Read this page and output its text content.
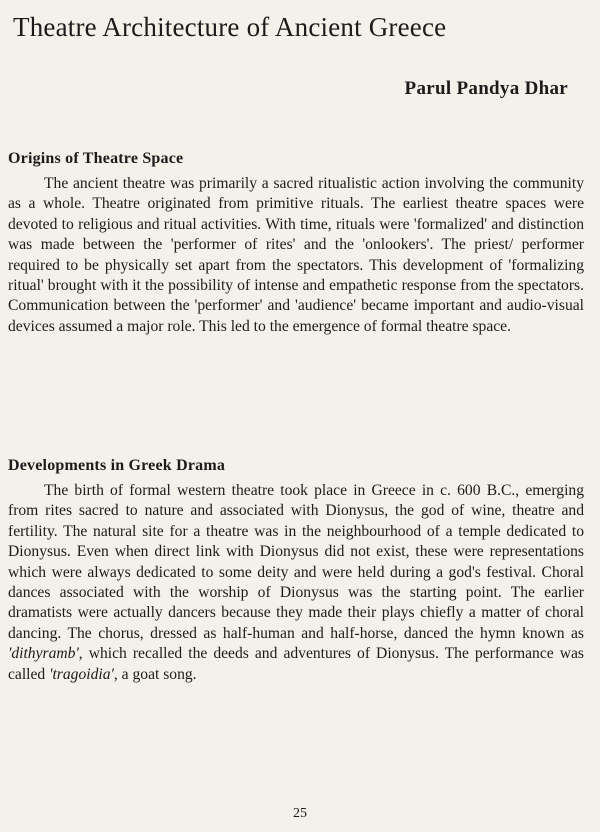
Theatre Architecture of Ancient Greece
Parul Pandya Dhar
Origins of Theatre Space

The ancient theatre was primarily a sacred ritualistic action involving the community as a whole. Theatre originated from primitive rituals. The earliest theatre spaces were devoted to religious and ritual activities. With time, rituals were 'formalized' and distinction was made between the 'performer of rites' and the 'onlookers'. The priest/ performer required to be physically set apart from the spectators. This development of 'formalizing ritual' brought with it the possibility of intense and empathetic response from the spectators. Communication between the 'performer' and 'audience' became important and audio-visual devices assumed a major role. This led to the emergence of formal theatre space.

Developments in Greek Drama

The birth of formal western theatre took place in Greece in c. 600 B.C., emerging from rites sacred to nature and associated with Dionysus, the god of wine, theatre and fertility. The natural site for a theatre was in the neighbourhood of a temple dedicated to Dionysus. Even when direct link with Dionysus did not exist, these were representations which were always dedicated to some deity and were held during a god's festival. Choral dances associated with the worship of Dionysus was the starting point. The earlier dramatists were actually dancers because they made their plays chiefly a matter of choral dancing. The chorus, dressed as half-human and half-horse, danced the hymn known as 'dithyramb', which recalled the deeds and adventures of Dionysus. The performance was called 'tragoidia', a goat song.

25
